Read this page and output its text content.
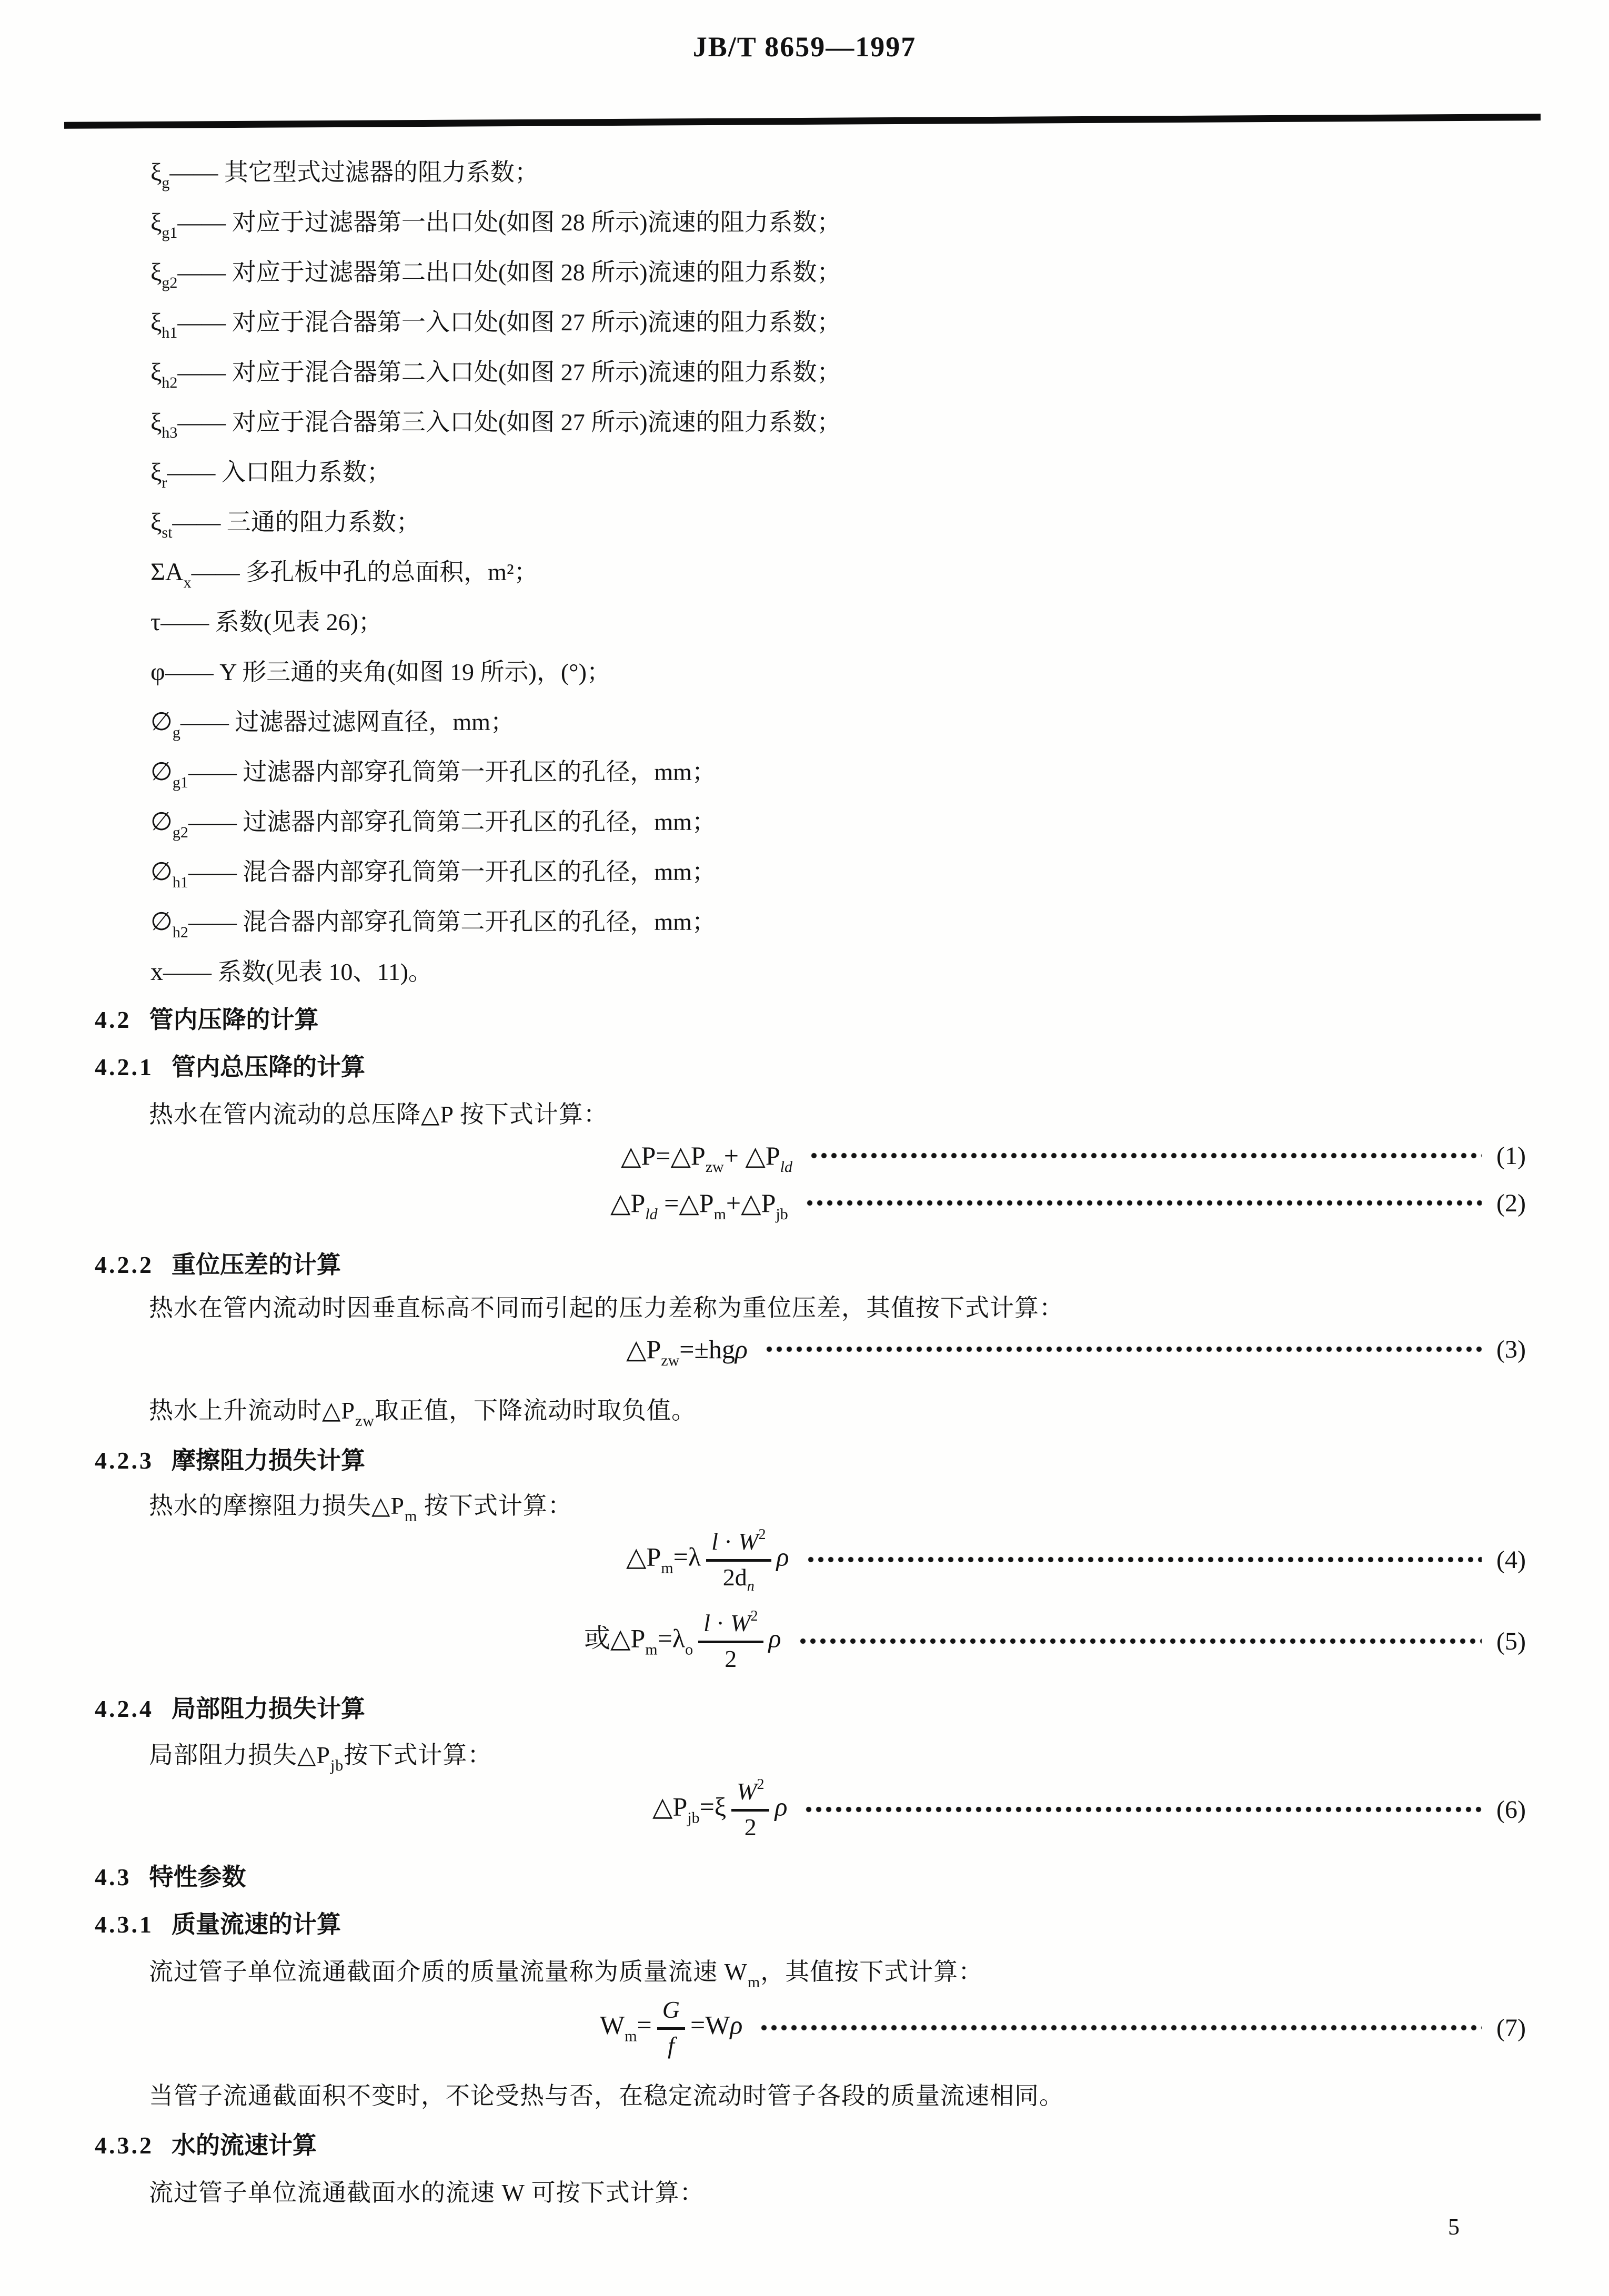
JB/T 8659—1997
$\xi_g——$ 其它型式过滤器的阻力系数；
$\xi_{g1}——$ 对应于过滤器第一出口处(如图 28 所示)流速的阻力系数；
$\xi_{g2}——$ 对应于过滤器第二出口处(如图 28 所示)流速的阻力系数；
$\xi_{h1}——$ 对应于混合器第一入口处(如图 27 所示)流速的阻力系数；
$\xi_{h2}——$ 对应于混合器第二入口处(如图 27 所示)流速的阻力系数；
$\xi_{h3}——$ 对应于混合器第三入口处(如图 27 所示)流速的阻力系数；
$\xi_r——$ 入口阻力系数；
$\xi_{st}——$ 三通的阻力系数；
$\Sigma A_x——$ 多孔板中孔的总面积，m²；
τ—— 系数(见表 26)；
φ—— Y 形三通的夹角(如图 19 所示)，(°)；
$\emptyset_g——$ 过滤器过滤网直径，mm；
$\emptyset_{g1}——$ 过滤器内部穿孔筒第一开孔区的孔径，mm；
$\emptyset_{g2}——$ 过滤器内部穿孔筒第二开孔区的孔径，mm；
$\emptyset_{h1}——$ 混合器内部穿孔筒第一开孔区的孔径，mm；
$\emptyset_{h2}——$ 混合器内部穿孔筒第二开孔区的孔径，mm；
x—— 系数(见表 10、11)。
4.2 管内压降的计算
4.2.1 管内总压降的计算
热水在管内流动的总压降△P 按下式计算：
$\triangle P=\triangle P_{zw}+$ $\triangle P_{ld}$	(1)
$\triangle P_{ld}$ $=\triangle P_m+\triangle P_{jb}$	(2)
4.2.2 重位压差的计算
热水在管内流动时因垂直标高不同而引起的压力差称为重位压差，其值按下式计算：
$\triangle P_{zw}=\pm hg\rho$	(3)
热水上升流动时$\triangle P_{zw}$取正值，下降流动时取负值。
4.2.3 摩擦阻力损失计算
热水的摩擦阻力损失$\triangle P_m$ 按下式计算：
$\triangle P_m=\lambda \frac{l \cdot W^2}{2d_n}$ ρ	(4)
或$\triangle P_m=\lambda_o \frac{l \cdot W^2}{2}$ ρ	(5)
4.2.4 局部阻力损失计算
局部阻力损失$\triangle P_{jb}$按下式计算：
$\triangle P_{jb}=\xi \frac{W^2}{2}$ ρ	(6)
4.3 特性参数
4.3.1 质量流速的计算
流过管子单位流通截面介质的质量流量称为质量流速 $W_m$，其值按下式计算：
$W_m= \frac{G}{f} =W\rho$	(7)
当管子流通截面积不变时，不论受热与否，在稳定流动时管子各段的质量流速相同。
4.3.2 水的流速计算
流过管子单位流通截面水的流速 W 可按下式计算：
5
